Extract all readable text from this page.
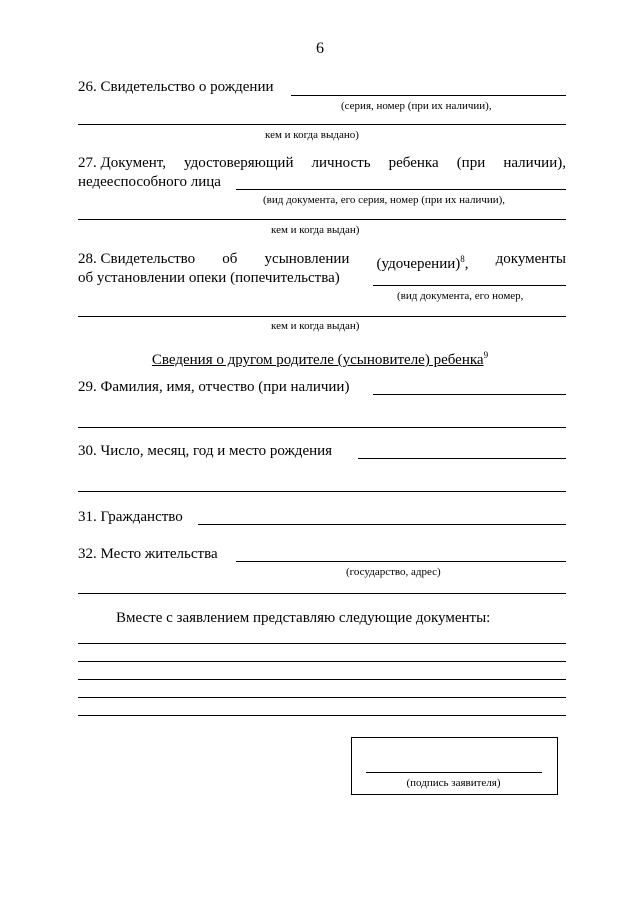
6
26. Свидетельство о рождении
(серия, номер (при их наличии),
кем и когда выдано)
27. Документ, удостоверяющий личность ребенка (при наличии),
недееспособного лица
(вид документа, его серия, номер (при их наличии),
кем и когда выдан)
28. Свидетельство об усыновлении (удочерении)$^8$, документы
об установлении опеки (попечительства)
(вид документа, его номер,
кем и когда выдан)
Сведения о другом родителе (усыновителе) ребенка$^9$
29. Фамилия, имя, отчество (при наличии)
30. Число, месяц, год и место рождения
31. Гражданство
32. Место жительства
(государство, адрес)
Вместе с заявлением представляю следующие документы:
(подпись заявителя)
